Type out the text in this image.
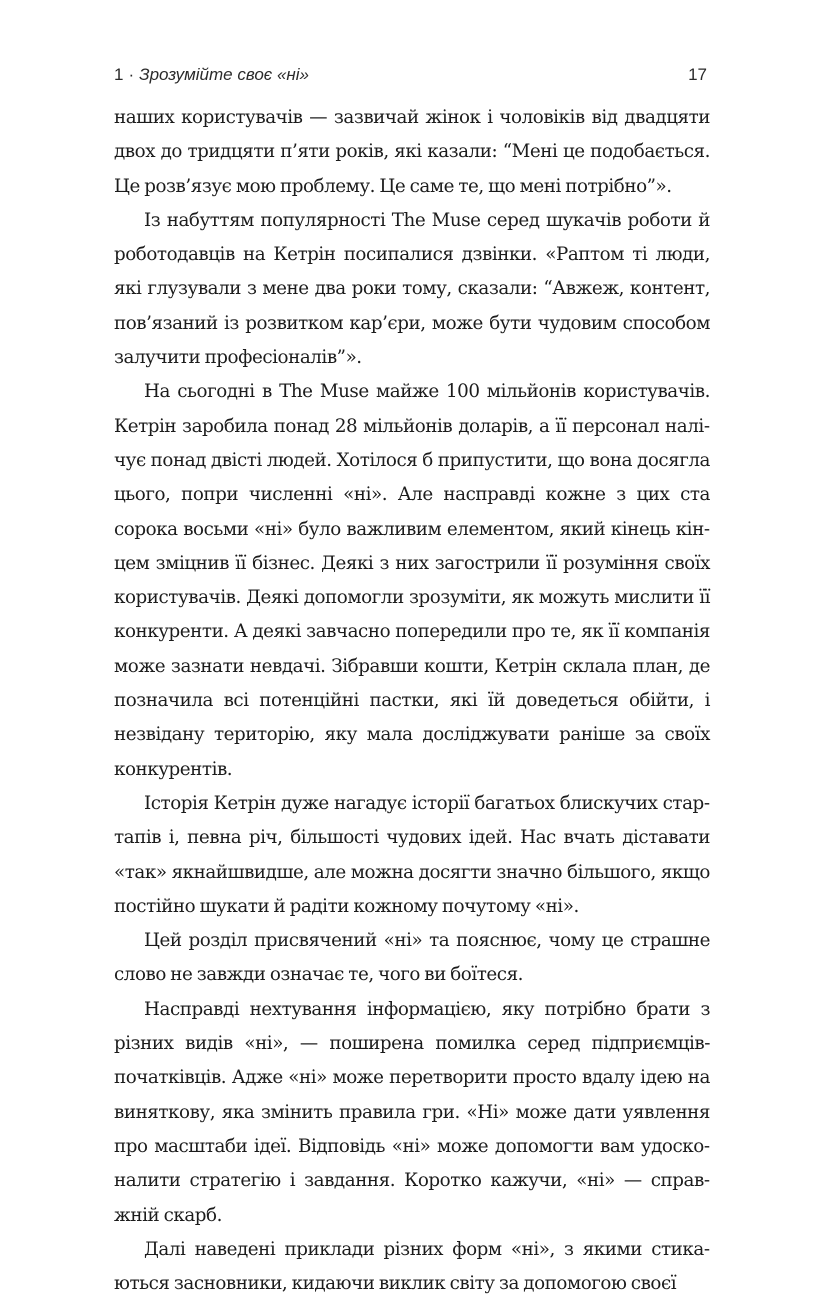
1 · Зрозумійте своє «ні»	17

наших користувачів — зазвичай жінок і чоловіків від двадцяти двох до тридцяти п’яти років, які казали: “Мені це подобається. Це розв’язує мою проблему. Це саме те, що мені потрібно”».

Із набуттям популярності The Muse серед шукачів роботи й роботодавців на Кетрін посипалися дзвінки. «Раптом ті люди, які глузували з мене два роки тому, сказали: “Авжеж, контент, пов’язаний із розвитком кар’єри, може бути чудовим способом залучити професіоналів”».

На сьогодні в The Muse майже 100 мільйонів користувачів. Кетрін заробила понад 28 мільйонів доларів, а її персонал налічує понад двісті людей. Хотілося б припустити, що вона досягла цього, попри численні «ні». Але насправді кожне з цих ста сорока восьми «ні» було важливим елементом, який кінець кінцем зміцнив її бізнес. Деякі з них загострили її розуміння своїх користувачів. Деякі допомогли зрозуміти, як можуть мислити її конкуренти. А деякі завчасно попередили про те, як її компанія може зазнати невдачі. Зібравши кошти, Кетрін склала план, де позначила всі потенційні пастки, які їй доведеться обійти, і незвідану територію, яку мала досліджувати раніше за своїх конкурентів.

Історія Кетрін дуже нагадує історії багатьох блискучих стартапів і, певна річ, більшості чудових ідей. Нас вчать діставати «так» якнайшвидше, але можна досягти значно більшого, якщо постійно шукати й радіти кожному почутому «ні».

Цей розділ присвячений «ні» та пояснює, чому це страшне слово не завжди означає те, чого ви боїтеся.

Насправді нехтування інформацією, яку потрібно брати з різних видів «ні», — поширена помилка серед підприємців-початківців. Адже «ні» може перетворити просто вдалу ідею на виняткову, яка змінить правила гри. «Ні» може дати уявлення про масштаби ідеї. Відповідь «ні» може допомогти вам удосконалити стратегію і завдання. Коротко кажучи, «ні» — справжній скарб.

Далі наведені приклади різних форм «ні», з якими стикаються засновники, кидаючи виклик світу за допомогою своєї
